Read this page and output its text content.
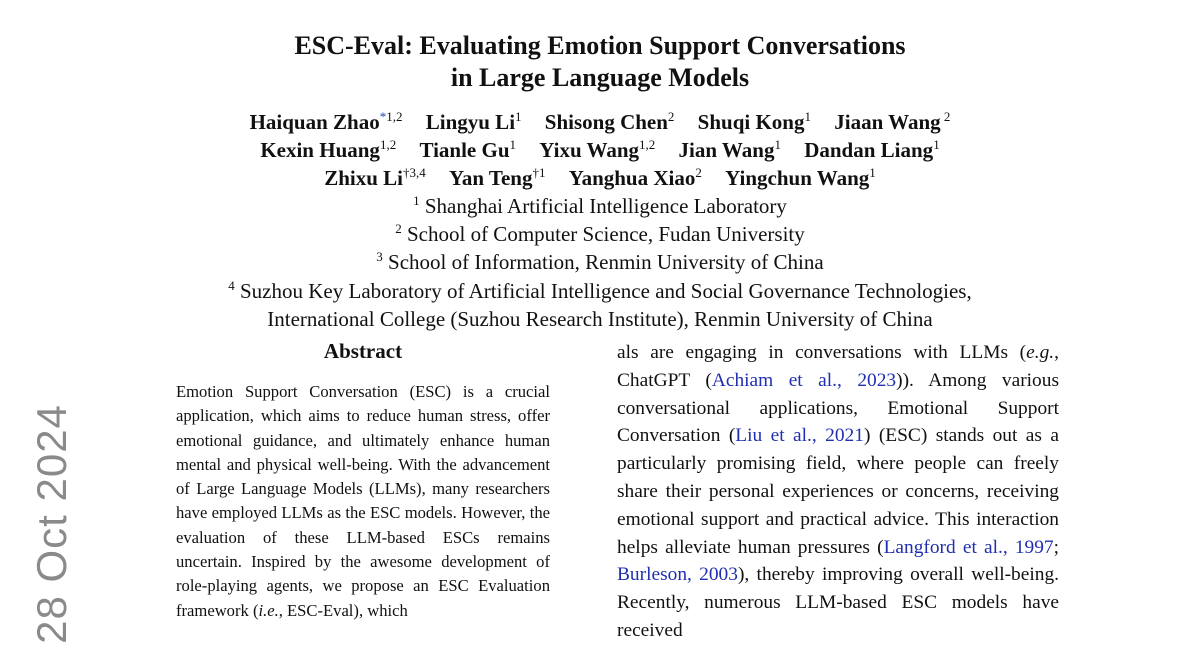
28 Oct 2024
ESC-Eval: Evaluating Emotion Support Conversations
in Large Language Models
Haiquan Zhao$^{*1,2}$ Lingyu Li$^1$ Shisong Chen$^2$ Shuqi Kong$^1$ Jiaan Wang $^2$
Kexin Huang$^{1,2}$ Tianle Gu$^1$ Yixu Wang$^{1,2}$ Jian Wang$^1$ Dandan Liang$^1$
Zhixu Li$^{\dagger 3,4}$ Yan Teng$^{\dagger 1}$ Yanghua Xiao$^2$ Yingchun Wang$^1$
$^1$ Shanghai Artificial Intelligence Laboratory
$^2$ School of Computer Science, Fudan University
$^3$ School of Information, Renmin University of China
$^4$ Suzhou Key Laboratory of Artificial Intelligence and Social Governance Technologies,
International College (Suzhou Research Institute), Renmin University of China
Abstract
Emotion Support Conversation (ESC) is a crucial application, which aims to reduce human stress, offer emotional guidance, and ultimately enhance human mental and physical well-being. With the advancement of Large Language Models (LLMs), many researchers have employed LLMs as the ESC models. However, the evaluation of these LLM-based ESCs remains uncertain. Inspired by the awesome development of role-playing agents, we propose an ESC Evaluation framework (i.e., ESC-Eval), which
als are engaging in conversations with LLMs (e.g., ChatGPT (Achiam et al., 2023)). Among various conversational applications, Emotional Support Conversation (Liu et al., 2021) (ESC) stands out as a particularly promising field, where people can freely share their personal experiences or concerns, receiving emotional support and practical advice. This interaction helps alleviate human pressures (Langford et al., 1997; Burleson, 2003), thereby improving overall well-being. Recently, numerous LLM-based ESC models have received
